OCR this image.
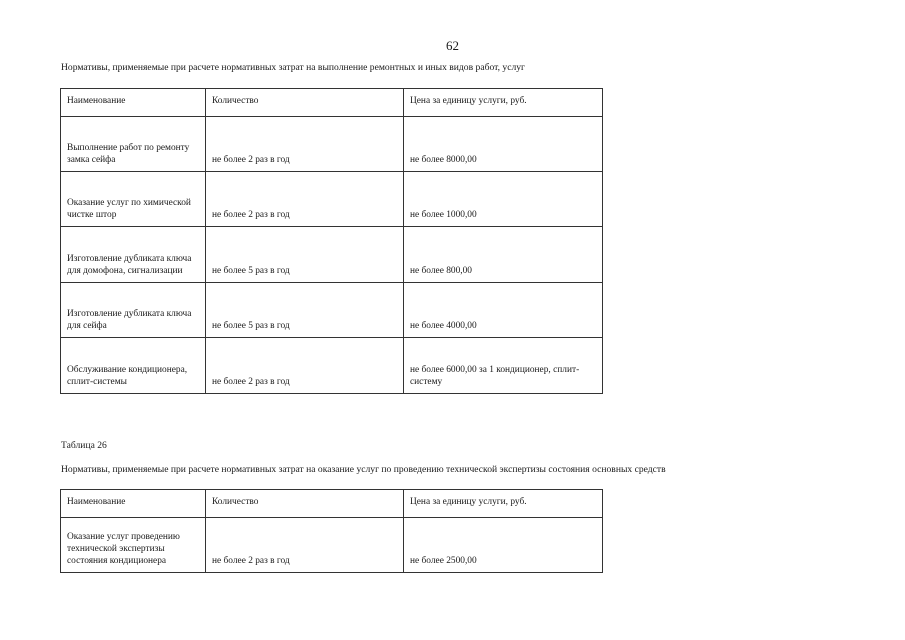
62
Нормативы, применяемые при расчете нормативных затрат на выполнение ремонтных и иных видов работ, услуг
Наименование	Количество	Цена за единицу услуги, руб.
Выполнение работ по ремонту замка сейфа	не более 2 раз в год	не более 8000,00
Оказание услуг по химической чистке штор	не более 2 раз в год	не более 1000,00
Изготовление дубликата ключа для домофона, сигнализации	не более 5 раз в год	не более 800,00
Изготовление дубликата ключа для сейфа	не более 5 раз в год	не более 4000,00
Обслуживание кондиционера, сплит-системы	не более 2 раз в год	не более 6000,00 за 1 кондиционер, сплит-систему
Таблица 26
Нормативы, применяемые при расчете нормативных затрат на оказание услуг по проведению технической экспертизы состояния основных средств
Наименование	Количество	Цена за единицу услуги, руб.
Оказание услуг проведению технической экспертизы состояния кондиционера	не более 2 раз в год	не более 2500,00
